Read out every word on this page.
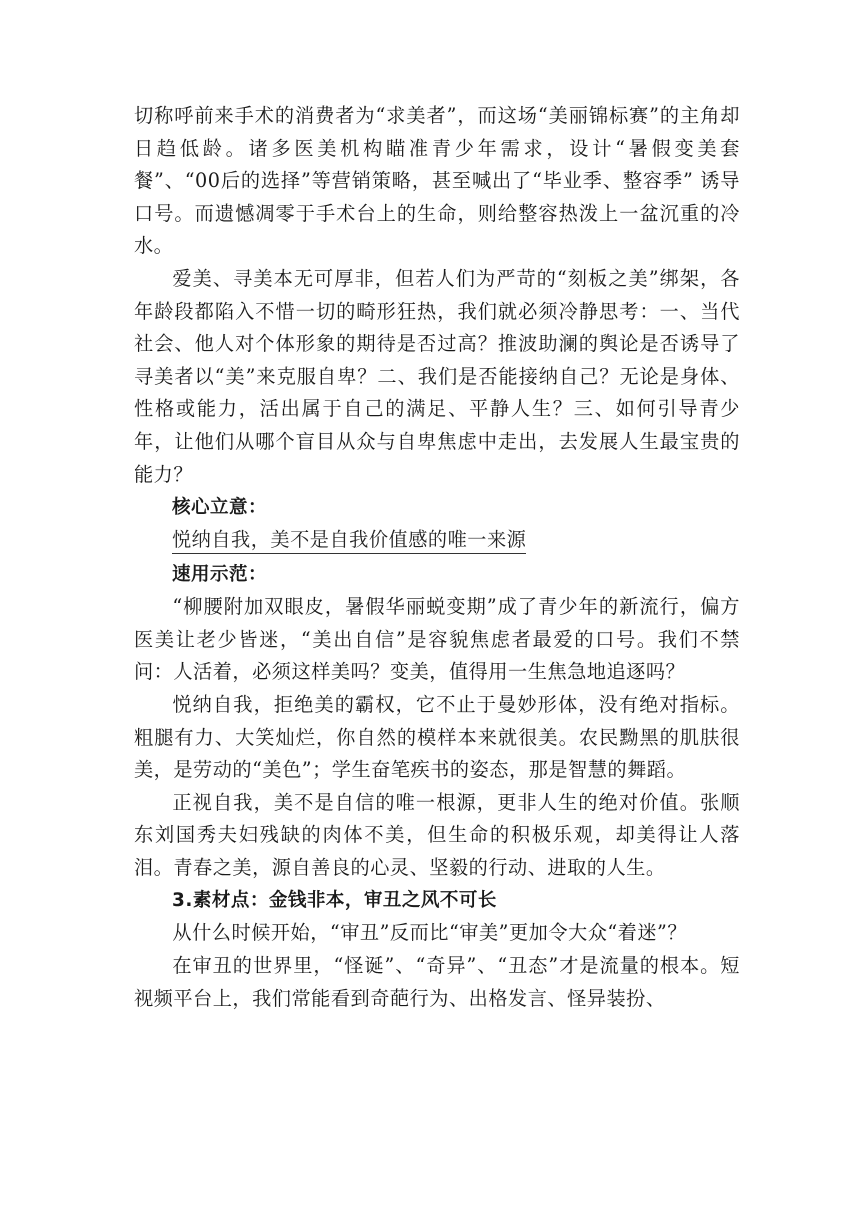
切称呼前来手术的消费者为“求美者”，而这场“美丽锦标赛”的主角却日趋低龄。诸多医美机构瞄准青少年需求，设计“暑假变美套餐”、“00后的选择”等营销策略，甚至喊出了“毕业季、整容季” 诱导口号。而遗憾凋零于手术台上的生命，则给整容热泼上一盆沉重的冷水。

爱美、寻美本无可厚非，但若人们为严苛的“刻板之美”绑架，各年龄段都陷入不惜一切的畸形狂热，我们就必须冷静思考：一、当代社会、他人对个体形象的期待是否过高？推波助澜的舆论是否诱导了寻美者以“美”来克服自卑？二、我们是否能接纳自己？无论是身体、性格或能力，活出属于自己的满足、平静人生？三、如何引导青少年，让他们从哪个盲目从众与自卑焦虑中走出，去发展人生最宝贵的能力？

核心立意：

悦纳自我，美不是自我价值感的唯一来源

速用示范：

“柳腰附加双眼皮，暑假华丽蜕变期”成了青少年的新流行，偏方医美让老少皆迷，“美出自信”是容貌焦虑者最爱的口号。我们不禁问：人活着，必须这样美吗？变美，值得用一生焦急地追逐吗？

悦纳自我，拒绝美的霸权，它不止于曼妙形体，没有绝对指标。粗腿有力、大笑灿烂，你自然的模样本来就很美。农民黝黑的肌肤很美，是劳动的“美色”；学生奋笔疾书的姿态，那是智慧的舞蹈。

正视自我，美不是自信的唯一根源，更非人生的绝对价值。张顺东刘国秀夫妇残缺的肉体不美，但生命的积极乐观，却美得让人落泪。青春之美，源自善良的心灵、坚毅的行动、进取的人生。

3.素材点：金钱非本，审丑之风不可长

从什么时候开始，“审丑”反而比“审美”更加令大众“着迷”？

在审丑的世界里，“怪诞”、“奇异”、“丑态”才是流量的根本。短视频平台上，我们常能看到奇葩行为、出格发言、怪异装扮、
